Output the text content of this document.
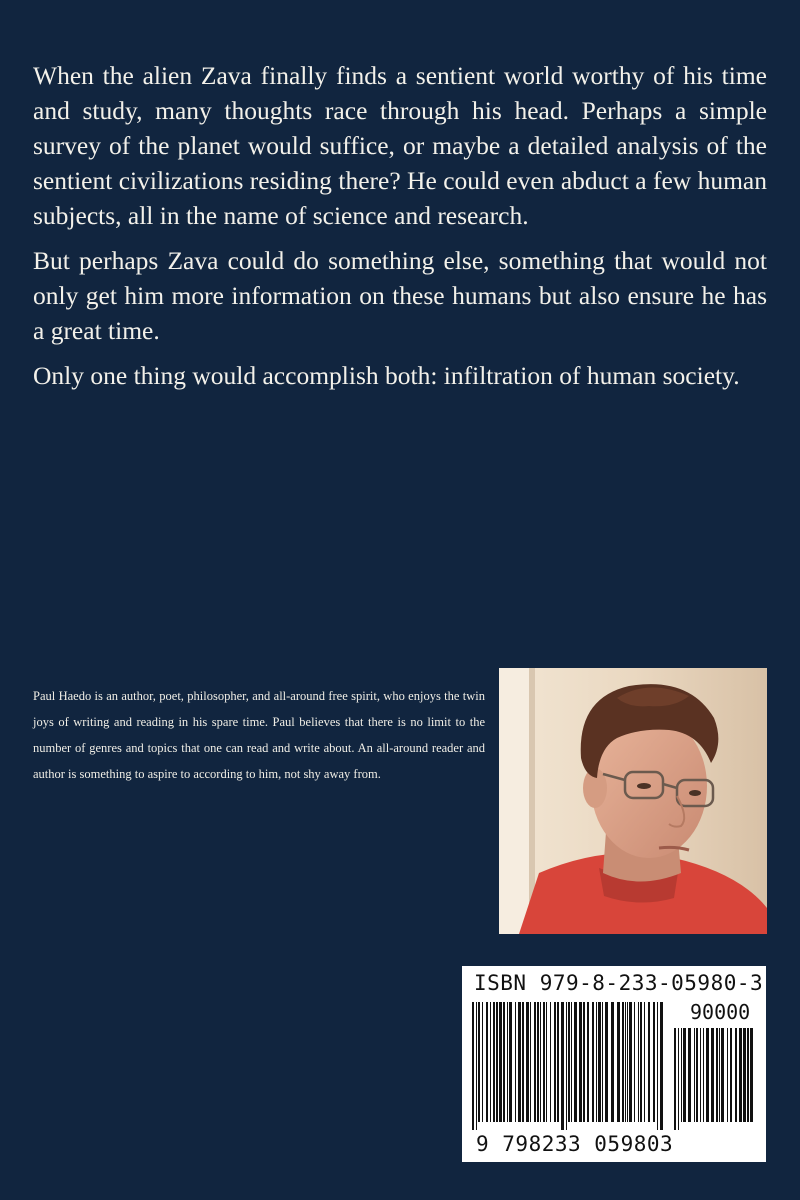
When the alien Zava finally finds a sentient world worthy of his time and study, many thoughts race through his head. Perhaps a simple survey of the planet would suffice, or maybe a detailed analysis of the sentient civilizations residing there? He could even abduct a few human subjects, all in the name of science and research.

But perhaps Zava could do something else, something that would not only get him more information on these humans but also ensure he has a great time.

Only one thing would accomplish both: infiltration of human society.

Paul Haedo is an author, poet, philosopher, and all-around free spirit, who enjoys the twin joys of writing and reading in his spare time. Paul believes that there is no limit to the number of genres and topics that one can read and write about. An all-around reader and author is something to aspire to according to him, not shy away from.
ISBN 979-8-233-05980-3
90000
9 798233 059803
